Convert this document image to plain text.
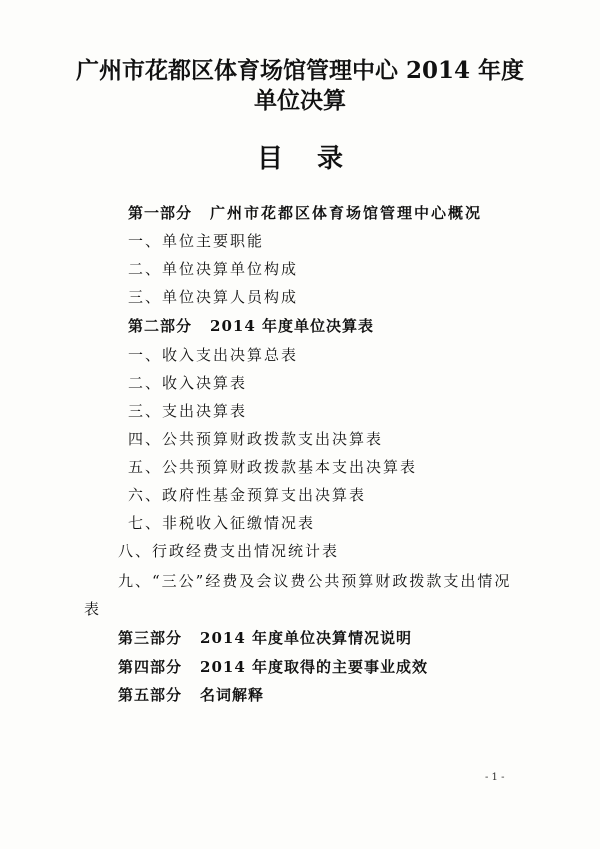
广州市花都区体育场馆管理中心 2014 年度
单位决算
目录
第一部分 广州市花都区体育场馆管理中心概况
一、单位主要职能
二、单位决算单位构成
三、单位决算人员构成
第二部分 2014 年度单位决算表
一、收入支出决算总表
二、收入决算表
三、支出决算表
四、公共预算财政拨款支出决算表
五、公共预算财政拨款基本支出决算表
六、政府性基金预算支出决算表
七、非税收入征缴情况表
八、行政经费支出情况统计表
九、“三公”经费及会议费公共预算财政拨款支出情况
表
第三部分 2014 年度单位决算情况说明
第四部分 2014 年度取得的主要事业成效
第五部分 名词解释
- 1 -
